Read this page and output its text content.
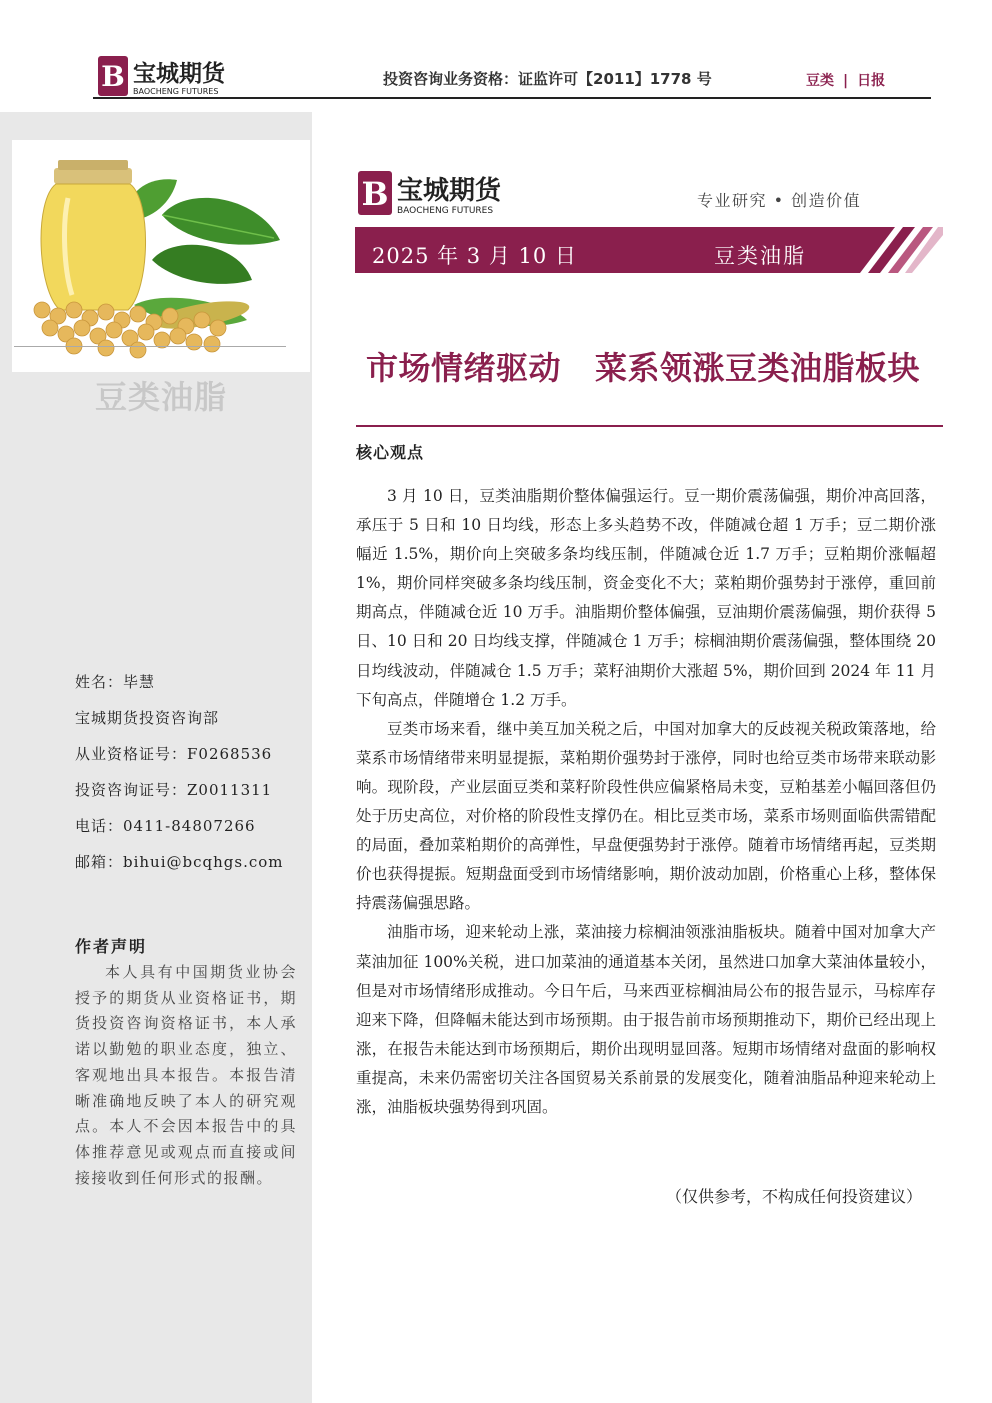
B 宝城期货
BAOCHENG FUTURES
投资咨询业务资格：证监许可【2011】1778 号	豆类 | 日报
豆类油脂
姓名：毕慧
宝城期货投资咨询部
从业资格证号：F0268536
投资咨询证号：Z0011311
电话：0411-84807266
邮箱：bihui@bcqhgs.com
作者声明
本人具有中国期货业协会授予的期货从业资格证书，期货投资咨询资格证书，本人承诺以勤勉的职业态度，独立、客观地出具本报告。本报告清晰准确地反映了本人的研究观点。本人不会因本报告中的具体推荐意见或观点而直接或间接接收到任何形式的报酬。
B 宝城期货
BAOCHENG FUTURES
专业研究 • 创造价值
2025 年 3 月 10 日	豆类油脂
市场情绪驱动 菜系领涨豆类油脂板块
核心观点

3 月 10 日，豆类油脂期价整体偏强运行。豆一期价震荡偏强，期价冲高回落，承压于 5 日和 10 日均线，形态上多头趋势不改，伴随减仓超 1 万手；豆二期价涨幅近 1.5%，期价向上突破多条均线压制，伴随减仓近 1.7 万手；豆粕期价涨幅超 1%，期价同样突破多条均线压制，资金变化不大；菜粕期价强势封于涨停，重回前期高点，伴随减仓近 10 万手。油脂期价整体偏强，豆油期价震荡偏强，期价获得 5 日、10 日和 20 日均线支撑，伴随减仓 1 万手；棕榈油期价震荡偏强，整体围绕 20 日均线波动，伴随减仓 1.5 万手；菜籽油期价大涨超 5%，期价回到 2024 年 11 月下旬高点，伴随增仓 1.2 万手。

豆类市场来看，继中美互加关税之后，中国对加拿大的反歧视关税政策落地，给菜系市场情绪带来明显提振，菜粕期价强势封于涨停，同时也给豆类市场带来联动影响。现阶段，产业层面豆类和菜籽阶段性供应偏紧格局未变，豆粕基差小幅回落但仍处于历史高位，对价格的阶段性支撑仍在。相比豆类市场，菜系市场则面临供需错配的局面，叠加菜粕期价的高弹性，早盘便强势封于涨停。随着市场情绪再起，豆类期价也获得提振。短期盘面受到市场情绪影响，期价波动加剧，价格重心上移，整体保持震荡偏强思路。

油脂市场，迎来轮动上涨，菜油接力棕榈油领涨油脂板块。随着中国对加拿大产菜油加征 100%关税，进口加菜油的通道基本关闭，虽然进口加拿大菜油体量较小，但是对市场情绪形成推动。今日午后，马来西亚棕榈油局公布的报告显示，马棕库存迎来下降，但降幅未能达到市场预期。由于报告前市场预期推动下，期价已经出现上涨，在报告未能达到市场预期后，期价出现明显回落。短期市场情绪对盘面的影响权重提高，未来仍需密切关注各国贸易关系前景的发展变化，随着油脂品种迎来轮动上涨，油脂板块强势得到巩固。

（仅供参考，不构成任何投资建议）
